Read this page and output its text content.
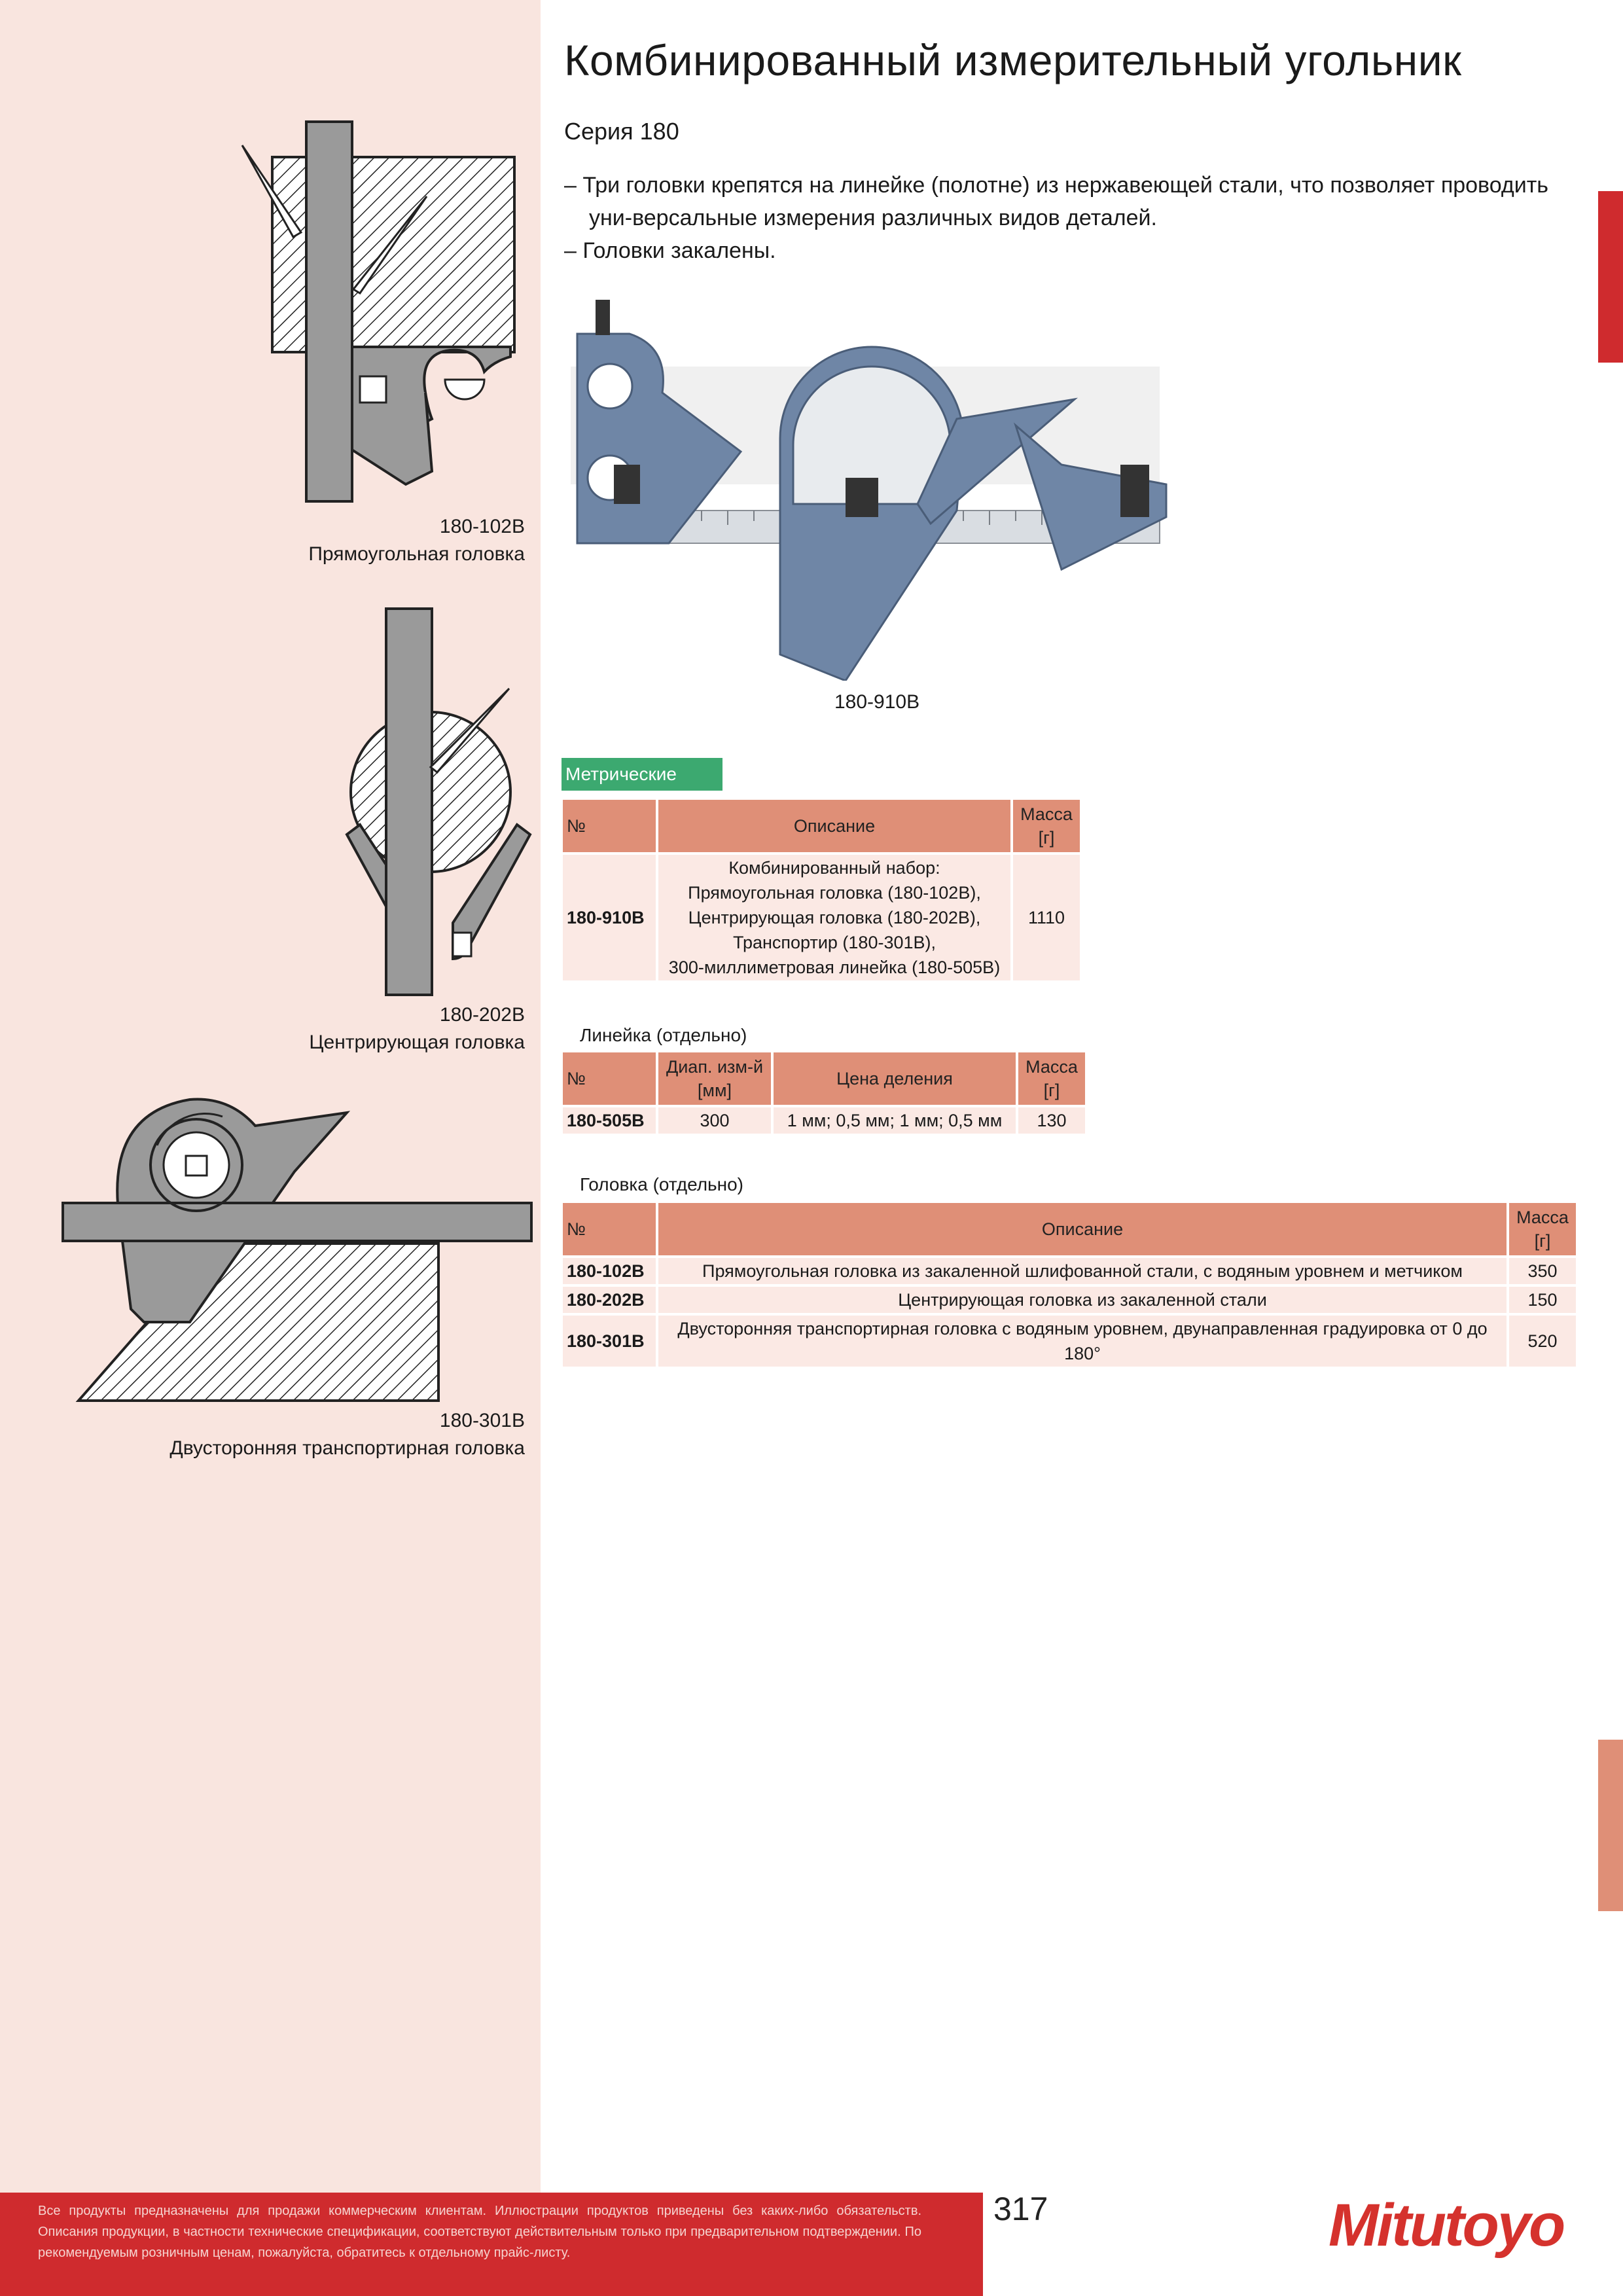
180-102B
Прямоугольная головка
180-202B
Центрирующая головка
180-301B
Двусторонняя транспортирная головка
Комбинированный измерительный угольник
Серия 180
– Три головки крепятся на линейке (полотне) из нержавеющей стали, что позволяет проводить уни-версальные измерения различных видов деталей.
– Головки закалены.
180-910B
Метрические
№	Описание	Масса [г]
180-910B	Комбинированный набор:
Прямоугольная головка (180-102B),
Центрирующая головка (180-202B),
Транспортир (180-301B),
300-миллиметровая линейка (180-505B)	1110
Линейка (отдельно)
№	Диап. изм-й [мм]	Цена деления	Масса [г]
180-505B	300	1 мм; 0,5 мм; 1 мм; 0,5 мм	130
Головка (отдельно)
№	Описание	Масса [г]
180-102B	Прямоугольная головка из закаленной шлифованной стали, с водяным уровнем и метчиком	350
180-202B	Центрирующая головка из закаленной стали	150
180-301B	Двусторонняя транспортирная головка с водяным уровнем, двунаправленная градуировка от 0 до 180°	520
Все продукты предназначены для продажи коммерческим клиентам. Иллюстрации продуктов приведены без каких-либо обязательств. Описания продукции, в частности технические спецификации, соответствуют действительным только при предварительном подтверждении. По рекомендуемым розничным ценам, пожалуйста, обратитесь к отдельному прайс-листу.
317	Mitutoyo
